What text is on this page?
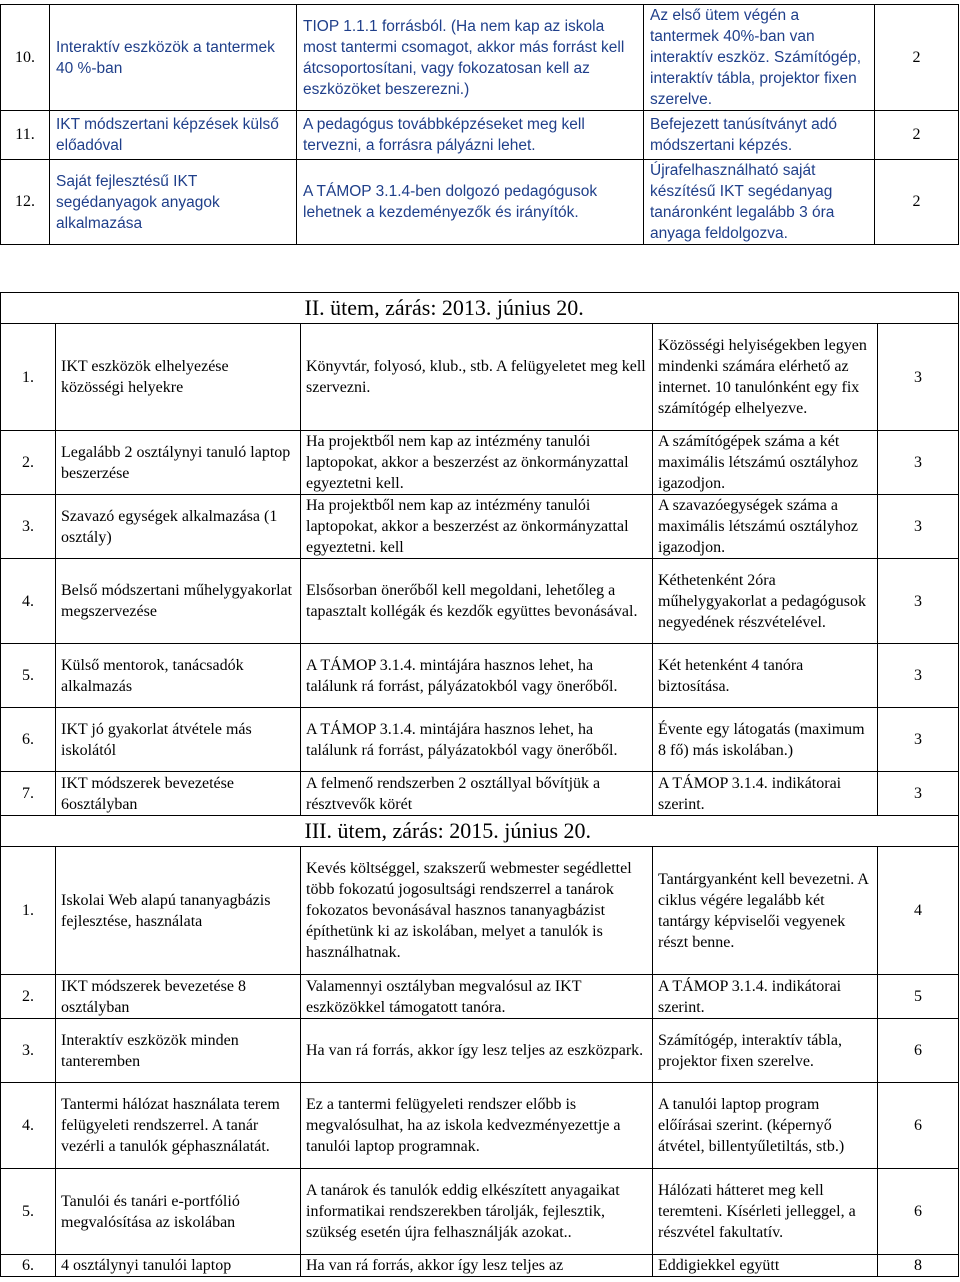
10.	Interaktív eszközök a tantermek 40 %-ban	TIOP 1.1.1 forrásból. (Ha nem kap az iskola most tantermi csomagot, akkor más forrást kell átcsoportosítani, vagy fokozatosan kell az eszközöket beszerezni.)	Az első ütem végén a tantermek 40%-ban van interaktív eszköz. Számítógép, interaktív tábla, projektor fixen szerelve.	2
11.	IKT módszertani képzések külső előadóval	A pedagógus továbbképzéseket meg kell tervezni, a forrásra pályázni lehet.	Befejezett tanúsítványt adó módszertani képzés.	2
12.	Saját fejlesztésű IKT segédanyagok anyagok alkalmazása	A TÁMOP 3.1.4-ben dolgozó pedagógusok lehetnek a kezdeményezők és irányítók.	Újrafelhasználható saját készítésű IKT segédanyag tanáronként legalább 3 óra anyaga feldolgozva.	2
		II. ütem, zárás: 2013. június 20.		
1.	IKT eszközök elhelyezése közösségi helyekre	Könyvtár, folyosó, klub., stb. A felügyeletet meg kell szervezni.	Közösségi helyiségekben legyen mindenki számára elérhető az internet. 10 tanulónként egy fix számítógép elhelyezve.	3
2.	Legalább 2 osztálynyi tanuló laptop beszerzése	Ha projektből nem kap az intézmény tanulói laptopokat, akkor a beszerzést az önkormányzattal egyeztetni kell.	A számítógépek száma a két maximális létszámú osztályhoz igazodjon.	3
3.	Szavazó egységek alkalmazása (1 osztály)	Ha projektből nem kap az intézmény tanulói laptopokat, akkor a beszerzést az önkormányzattal egyeztetni. kell	A szavazóegységek száma a maximális létszámú osztályhoz igazodjon.	3
4.	Belső módszertani műhelygyakorlat megszervezése	Elsősorban önerőből kell megoldani, lehetőleg a tapasztalt kollégák és kezdők együttes bevonásával.	Kéthetenként 2óra műhelygyakorlat a pedagógusok negyedének részvételével.	3
5.	Külső mentorok, tanácsadók alkalmazás	A TÁMOP 3.1.4. mintájára hasznos lehet, ha találunk rá forrást, pályázatokból vagy önerőből.	Két hetenként 4 tanóra biztosítása.	3
6.	IKT jó gyakorlat átvétele más iskolától	A TÁMOP 3.1.4. mintájára hasznos lehet, ha találunk rá forrást, pályázatokból vagy önerőből.	Évente egy látogatás (maximum 8 fő) más iskolában.)	3
7.	IKT módszerek bevezetése 6osztályban	A felmenő rendszerben 2 osztállyal bővítjük a résztvevők körét	A TÁMOP 3.1.4. indikátorai szerint.	3
		III. ütem, zárás: 2015. június 20.		
1.	Iskolai Web alapú tananyagbázis fejlesztése, használata	Kevés költséggel, szakszerű webmester segédlettel több fokozatú jogosultsági rendszerrel a tanárok fokozatos bevonásával hasznos tananyagbázist építhetünk ki az iskolában, melyet a tanulók is használhatnak.	Tantárgyanként kell bevezetni. A ciklus végére legalább két tantárgy képviselői vegyenek részt benne.	4
2.	IKT módszerek bevezetése 8 osztályban	Valamennyi osztályban megvalósul az IKT eszközökkel támogatott tanóra.	A TÁMOP 3.1.4. indikátorai szerint.	5
3.	Interaktív eszközök minden tanteremben	Ha van rá forrás, akkor így lesz teljes az eszközpark.	Számítógép, interaktív tábla, projektor fixen szerelve.	6
4.	Tantermi hálózat használata terem felügyeleti rendszerrel. A tanár vezérli a tanulók géphasználatát.	Ez a tantermi felügyeleti rendszer előbb is megvalósulhat, ha az iskola kedvezményezettje a tanulói laptop programnak.	A tanulói laptop program előírásai szerint. (képernyő átvétel, billentyűletiltás, stb.)	6
5.	Tanulói és tanári e-portfólió megvalósítása az iskolában	A tanárok és tanulók eddig elkészített anyagaikat informatikai rendszerekben tárolják, fejlesztik, szükség esetén újra felhasználják azokat..	Hálózati hátteret meg kell teremteni. Kísérleti jelleggel, a részvétel fakultatív.	6
6.	4 osztálynyi tanulói laptop	Ha van rá forrás, akkor így lesz teljes az	Eddigiekkel együtt	8
